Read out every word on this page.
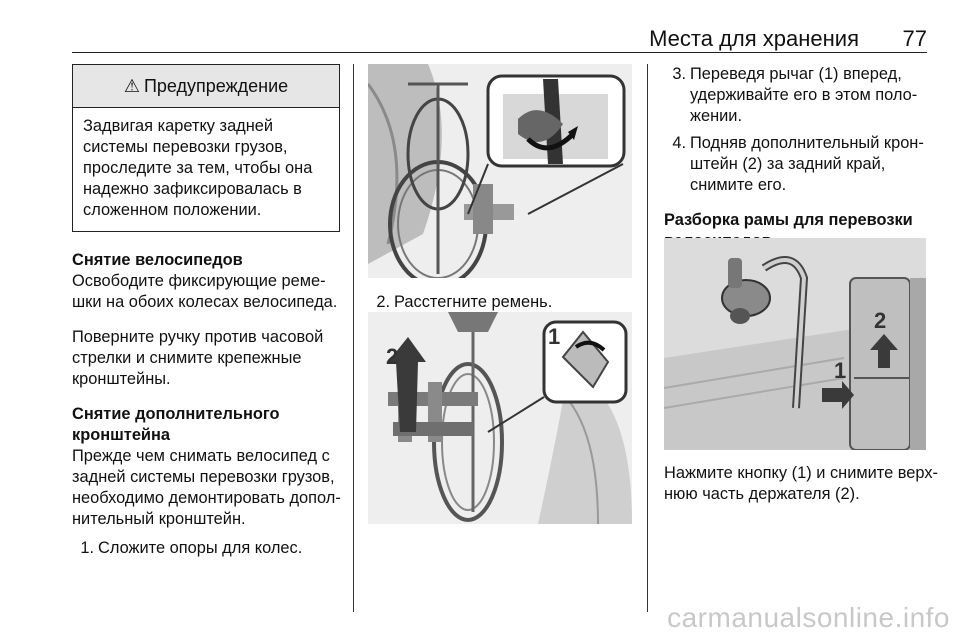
Места для хранения 77
⚠ Предупреждение

Задвигая каретку задней

системы перевозки грузов,

проследите за тем, чтобы она

надежно зафиксировалась в

сложенном положении.

Снятие велосипедов

Освободите фиксирующие реме-

шки на обоих колесах велосипеда.

Поверните ручку против часовой

стрелки и снимите крепежные

кронштейны.

Снятие дополнительного
кронштейна

Прежде чем снимать велосипед с

задней системы перевозки грузов,

необходимо демонтировать допол-

нительный кронштейн.

1. Сложите опоры для колес.
2. Расстегните ремень.
2
1
3. Переведя рычаг (1) вперед,

удерживайте его в этом поло-

жении.

4. Подняв дополнительный крон-

штейн (2) за задний край,

снимите его.

Разборка рамы для перевозки
1
2

Нажмите кнопку (1) и снимите верх-

нюю часть держателя (2).

carmanualsonline.info
